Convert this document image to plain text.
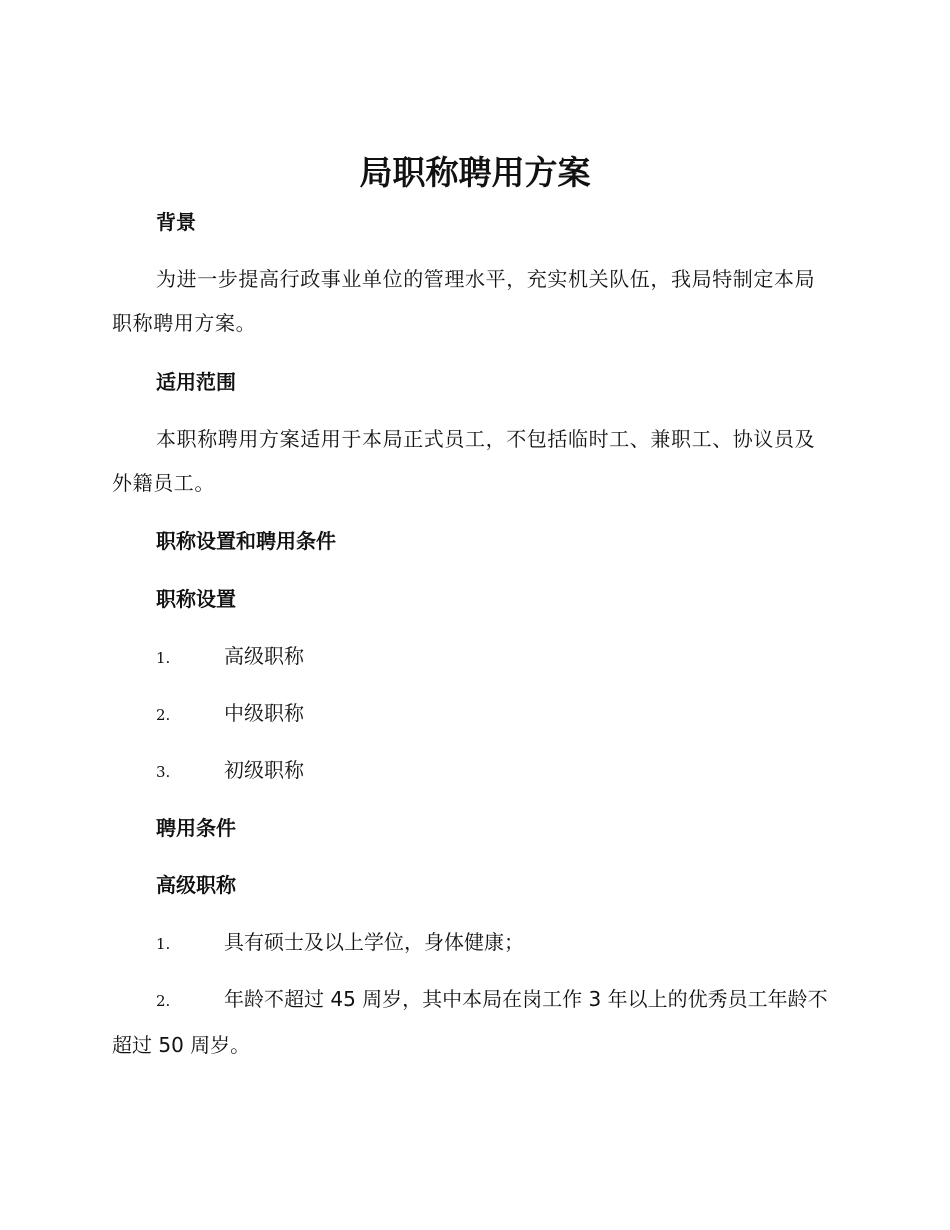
局职称聘用方案
背景
为进一步提高行政事业单位的管理水平，充实机关队伍，我局特制定本局职称聘用方案。
适用范围
本职称聘用方案适用于本局正式员工，不包括临时工、兼职工、协议员及外籍员工。
职称设置和聘用条件
职称设置
1.	高级职称
2.	中级职称
3.	初级职称
聘用条件
高级职称
1.	具有硕士及以上学位，身体健康；
2.	年龄不超过 45 周岁，其中本局在岗工作 3 年以上的优秀员工年龄不超过 50 周岁。
